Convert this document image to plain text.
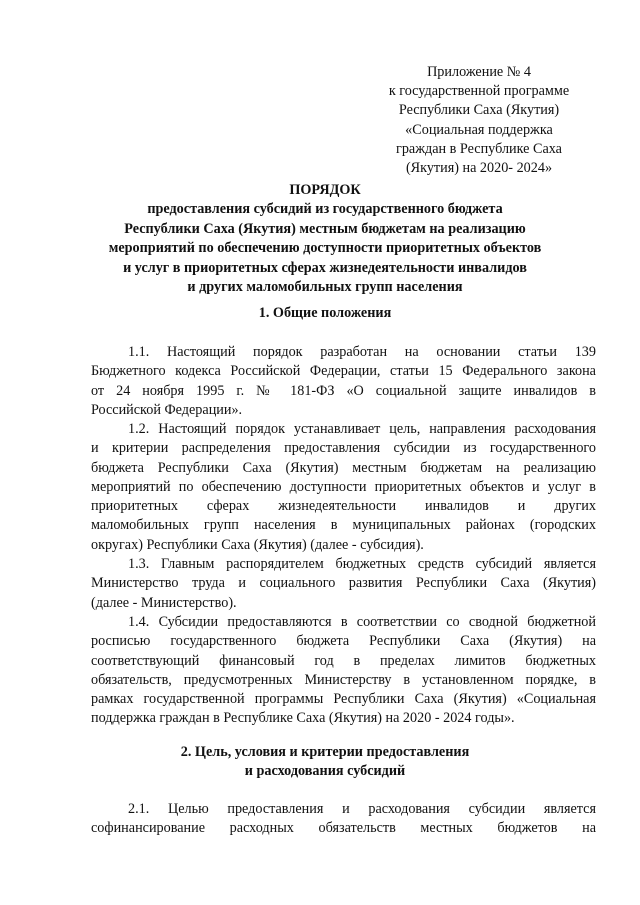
Приложение № 4
к государственной программе
Республики Саха (Якутия)
«Социальная поддержка
граждан в Республике Саха
(Якутия) на 2020- 2024»
ПОРЯДОК
предоставления субсидий из государственного бюджета
Республики Саха (Якутия) местным бюджетам на реализацию
мероприятий по обеспечению доступности приоритетных объектов
и услуг в приоритетных сферах жизнедеятельности инвалидов
и других маломобильных групп населения
1. Общие положения
1.1. Настоящий порядок разработан на основании статьи 139
Бюджетного кодекса Российской Федерации, статьи 15 Федерального закона
от 24 ноября 1995 г. № 181-ФЗ «О социальной защите инвалидов в
Российской Федерации».
1.2. Настоящий порядок устанавливает цель, направления расходования
и критерии распределения предоставления субсидии из государственного
бюджета Республики Саха (Якутия) местным бюджетам на реализацию
мероприятий по обеспечению доступности приоритетных объектов и услуг в
приоритетных сферах жизнедеятельности инвалидов и других
маломобильных групп населения в муниципальных районах (городских
округах) Республики Саха (Якутия) (далее - субсидия).
1.3. Главным распорядителем бюджетных средств субсидий является
Министерство труда и социального развития Республики Саха (Якутия)
(далее - Министерство).
1.4. Субсидии предоставляются в соответствии со сводной бюджетной
росписью государственного бюджета Республики Саха (Якутия) на
соответствующий финансовый год в пределах лимитов бюджетных
обязательств, предусмотренных Министерству в установленном порядке, в
рамках государственной программы Республики Саха (Якутия) «Социальная
поддержка граждан в Республике Саха (Якутия) на 2020 - 2024 годы».
2. Цель, условия и критерии предоставления
и расходования субсидий
2.1. Целью предоставления и расходования субсидии является
софинансирование расходных обязательств местных бюджетов на
